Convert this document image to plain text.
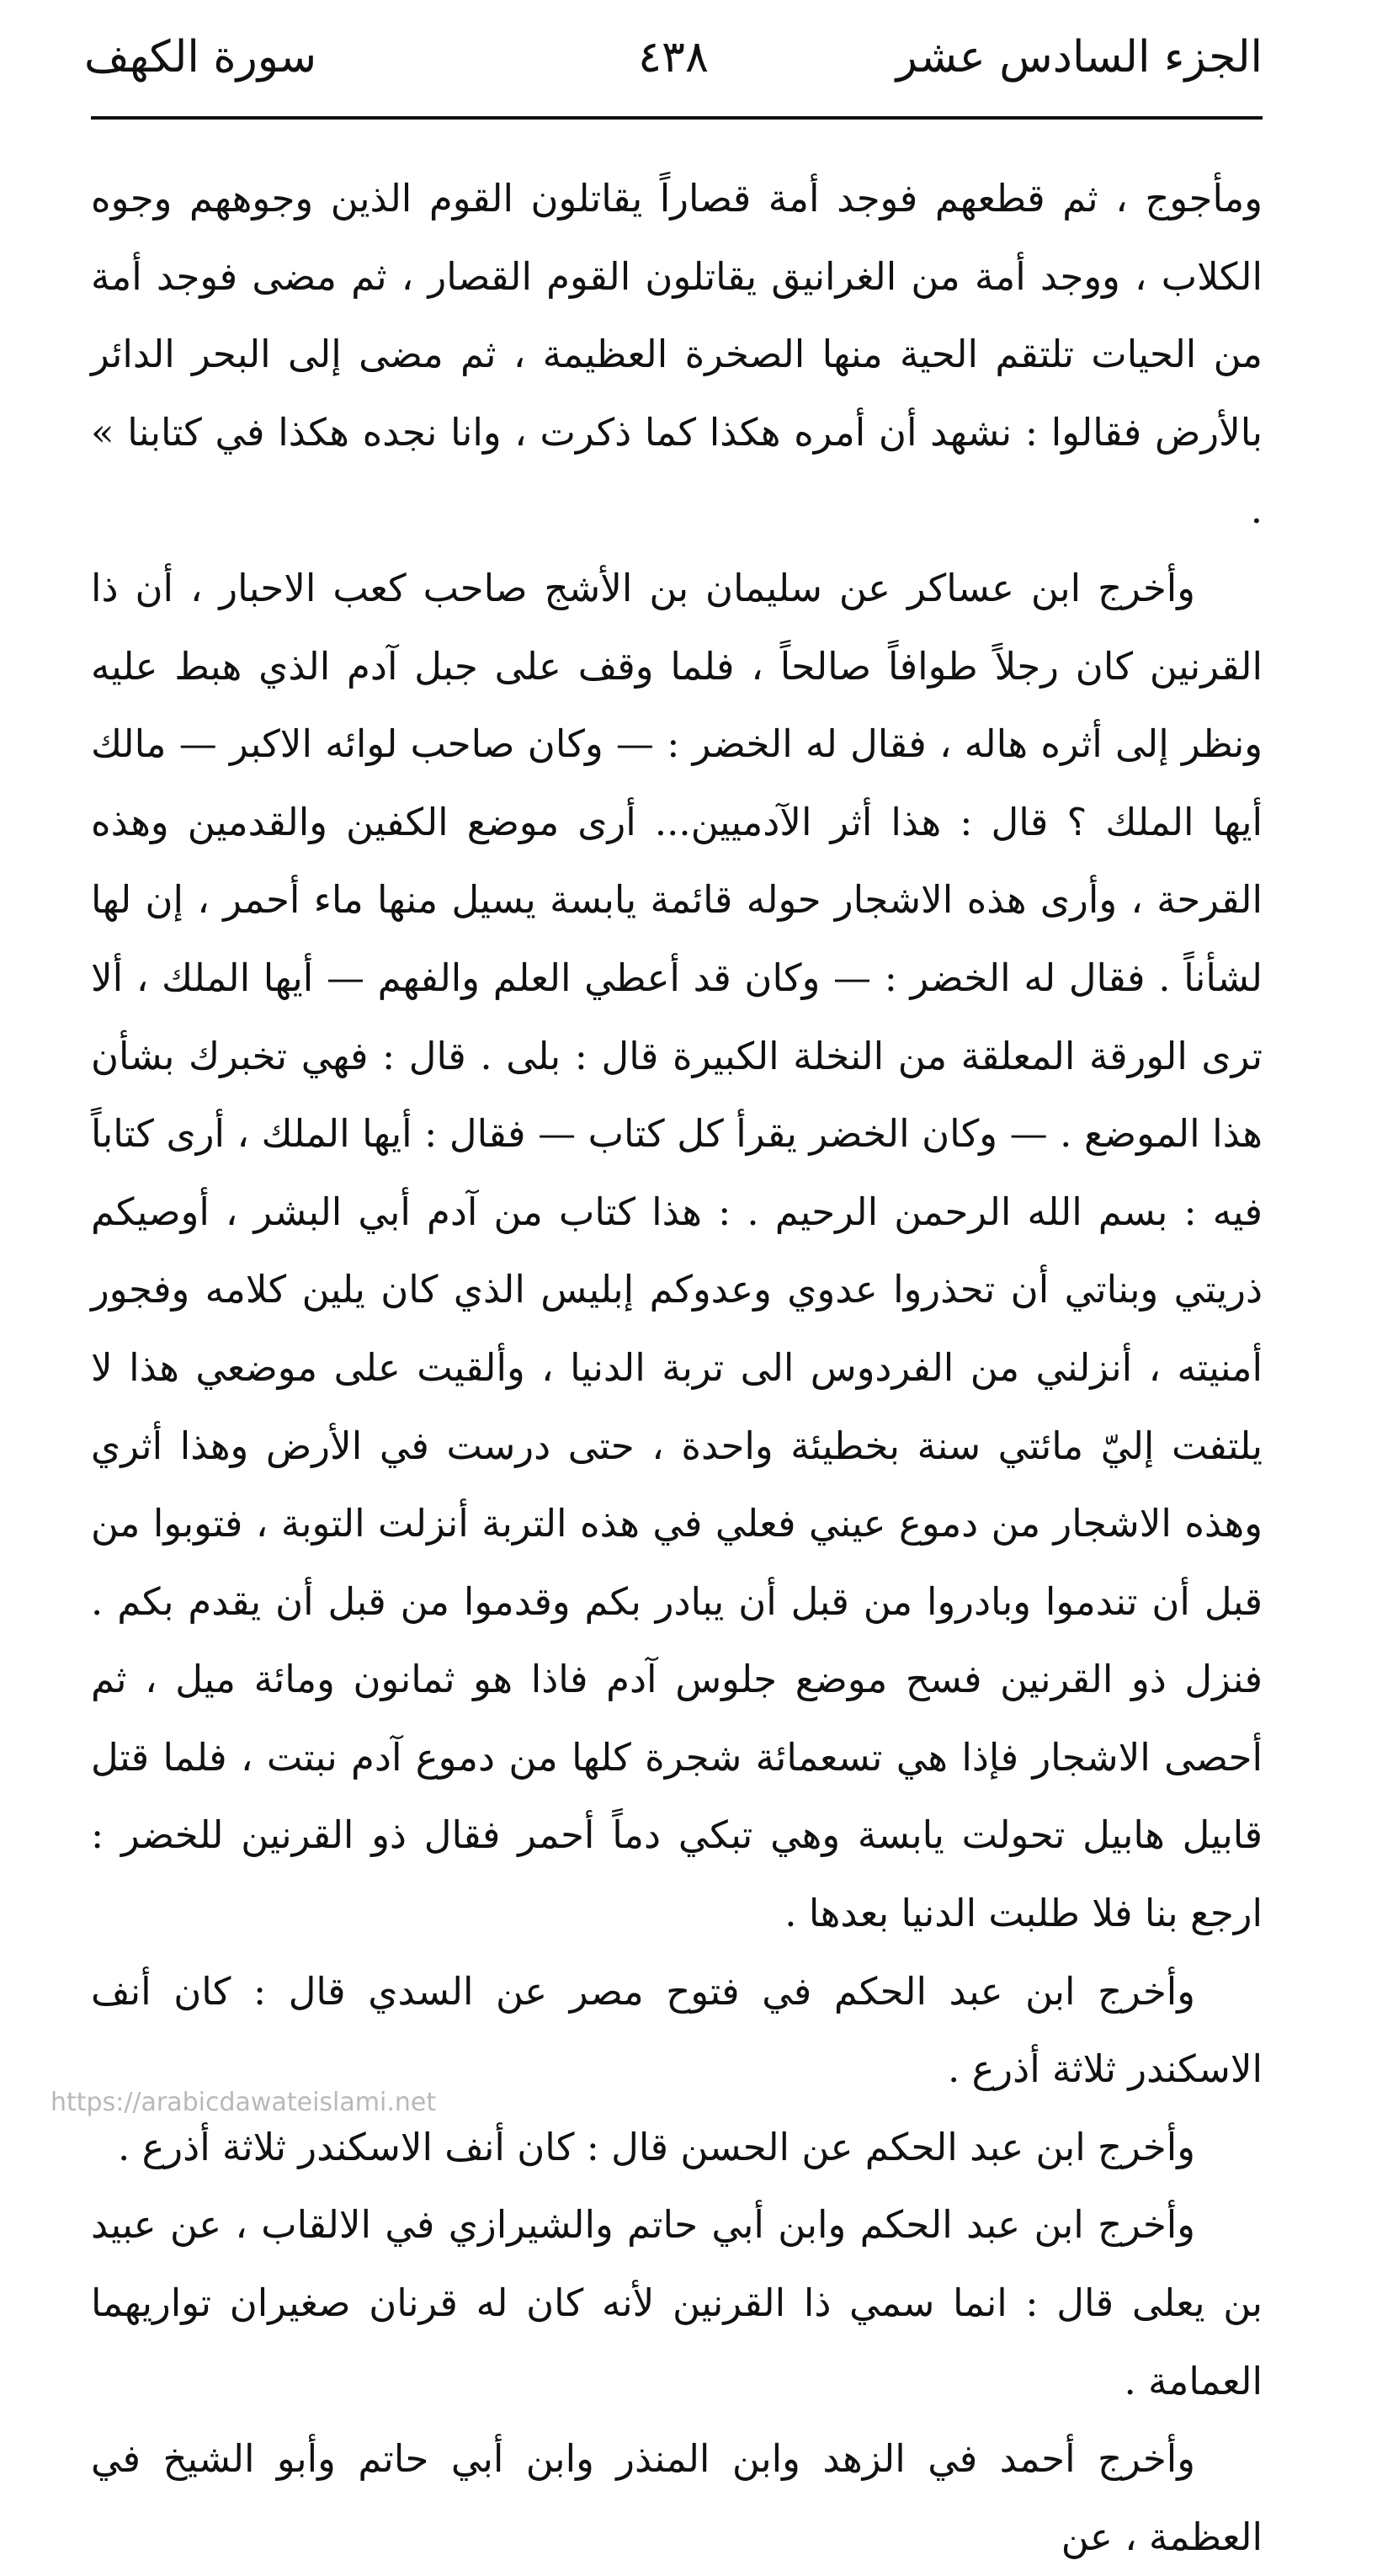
الجزء السادس عشر
٤٣٨
سورة الكهف

ومأجوج ، ثم قطعهم فوجد أمة قصاراً يقاتلون القوم الذين وجوههم وجوه الكلاب ، ووجد أمة من الغرانيق يقاتلون القوم القصار ، ثم مضى فوجد أمة من الحيات تلتقم الحية منها الصخرة العظيمة ، ثم مضى إلى البحر الدائر بالأرض فقالوا : نشهد أن أمره هكذا كما ذكرت ، وانا نجده هكذا في كتابنا » .

وأخرج ابن عساكر عن سليمان بن الأشج صاحب كعب الاحبار ، أن ذا القرنين كان رجلاً طوافاً صالحاً ، فلما وقف على جبل آدم الذي هبط عليه ونظر إلى أثره هاله ، فقال له الخضر : — وكان صاحب لوائه الاكبر — مالك أيها الملك ؟ قال : هذا أثر الآدميين... أرى موضع الكفين والقدمين وهذه القرحة ، وأرى هذه الاشجار حوله قائمة يابسة يسيل منها ماء أحمر ، إن لها لشأناً . فقال له الخضر : — وكان قد أعطي العلم والفهم — أيها الملك ، ألا ترى الورقة المعلقة من النخلة الكبيرة قال : بلى . قال : فهي تخبرك بشأن هذا الموضع . — وكان الخضر يقرأ كل كتاب — فقال : أيها الملك ، أرى كتاباً فيه : بسم الله الرحمن الرحيم . : هذا كتاب من آدم أبي البشر ، أوصيكم ذريتي وبناتي أن تحذروا عدوي وعدوكم إبليس الذي كان يلين كلامه وفجور أمنيته ، أنزلني من الفردوس الى تربة الدنيا ، وألقيت على موضعي هذا لا يلتفت إليّ مائتي سنة بخطيئة واحدة ، حتى درست في الأرض وهذا أثري وهذه الاشجار من دموع عيني فعلي في هذه التربة أنزلت التوبة ، فتوبوا من قبل أن تندموا وبادروا من قبل أن يبادر بكم وقدموا من قبل أن يقدم بكم . فنزل ذو القرنين فسح موضع جلوس آدم فاذا هو ثمانون ومائة ميل ، ثم أحصى الاشجار فإذا هي تسعمائة شجرة كلها من دموع آدم نبتت ، فلما قتل قابيل هابيل تحولت يابسة وهي تبكي دماً أحمر فقال ذو القرنين للخضر : ارجع بنا فلا طلبت الدنيا بعدها .

وأخرج ابن عبد الحكم في فتوح مصر عن السدي قال : كان أنف الاسكندر ثلاثة أذرع .

وأخرج ابن عبد الحكم عن الحسن قال : كان أنف الاسكندر ثلاثة أذرع .

وأخرج ابن عبد الحكم وابن أبي حاتم والشيرازي في الالقاب ، عن عبيد بن يعلى قال : انما سمي ذا القرنين لأنه كان له قرنان صغيران تواريهما العمامة .

وأخرج أحمد في الزهد وابن المنذر وابن أبي حاتم وأبو الشيخ في العظمة ، عن

https://arabicdawateislami.net
